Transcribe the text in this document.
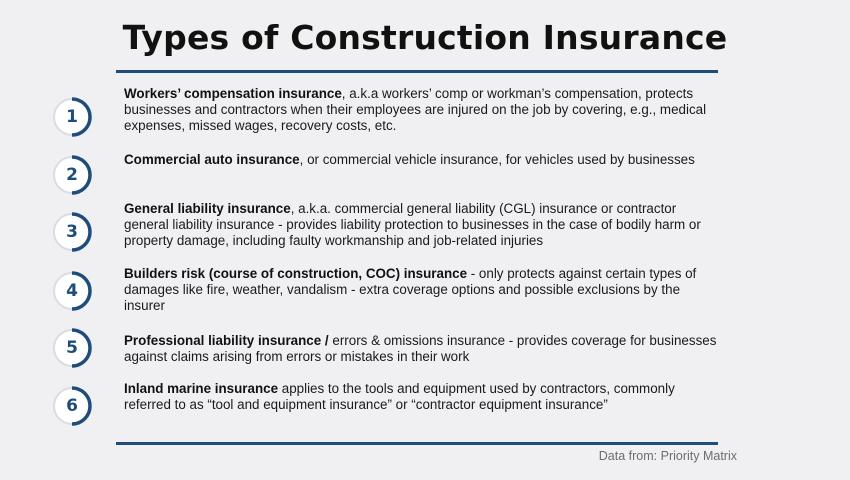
Types of Construction Insurance
1
Workers’ compensation insurance, a.k.a workers’ comp or workman’s compensation, protects businesses and contractors when their employees are injured on the job by covering, e.g., medical expenses, missed wages, recovery costs, etc.
2
Commercial auto insurance, or commercial vehicle insurance, for vehicles used by businesses
3
General liability insurance, a.k.a. commercial general liability (CGL) insurance or contractor general liability insurance - provides liability protection to businesses in the case of bodily harm or property damage, including faulty workmanship and job-related injuries
4
Builders risk (course of construction, COC) insurance - only protects against certain types of damages like fire, weather, vandalism - extra coverage options and possible exclusions by the insurer
5	Professional liability insurance / errors & omissions insurance - provides coverage for businesses against claims arising from errors or mistakes in their work
6
Inland marine insurance applies to the tools and equipment used by contractors, commonly referred to as “tool and equipment insurance” or “contractor equipment insurance”
Data from: Priority Matrix
